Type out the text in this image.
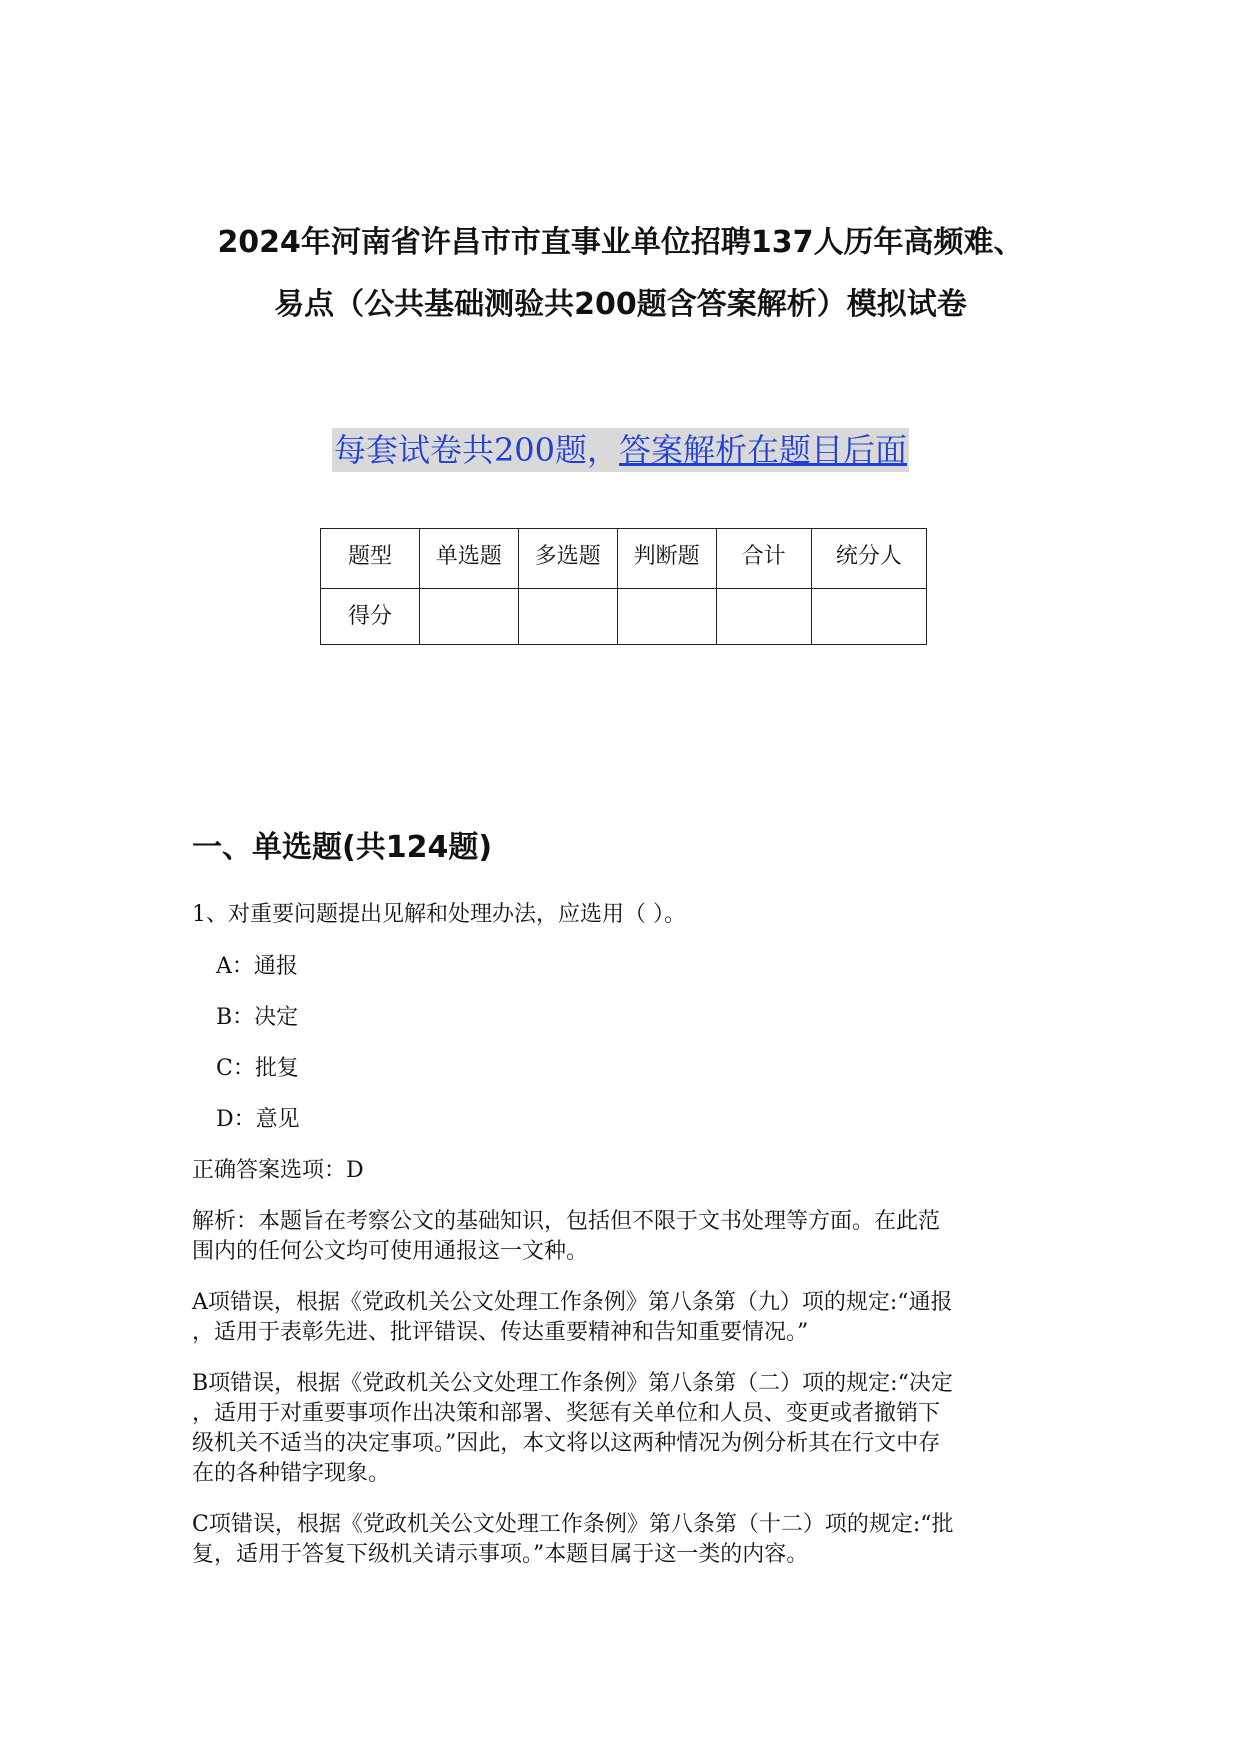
2024年河南省许昌市市直事业单位招聘137人历年高频难、
易点（公共基础测验共200题含答案解析）模拟试卷
每套试卷共200题，答案解析在题目后面
题型	单选题	多选题	判断题	合计	统分人
得分					
一、单选题(共124题)
1、对重要问题提出见解和处理办法，应选用（ ）。
A：通报
B：决定
C：批复
D：意见
正确答案选项：D
解析：本题旨在考察公文的基础知识，包括但不限于文书处理等方面。在此范
围内的任何公文均可使用通报这一文种。
A项错误，根据《党政机关公文处理工作条例》第八条第（九）项的规定:“通报
，适用于表彰先进、批评错误、传达重要精神和告知重要情况。”
B项错误，根据《党政机关公文处理工作条例》第八条第（二）项的规定:“决定
，适用于对重要事项作出决策和部署、奖惩有关单位和人员、变更或者撤销下
级机关不适当的决定事项。”因此，本文将以这两种情况为例分析其在行文中存
在的各种错字现象。
C项错误，根据《党政机关公文处理工作条例》第八条第（十二）项的规定:“批
复，适用于答复下级机关请示事项。”本题目属于这一类的内容。
